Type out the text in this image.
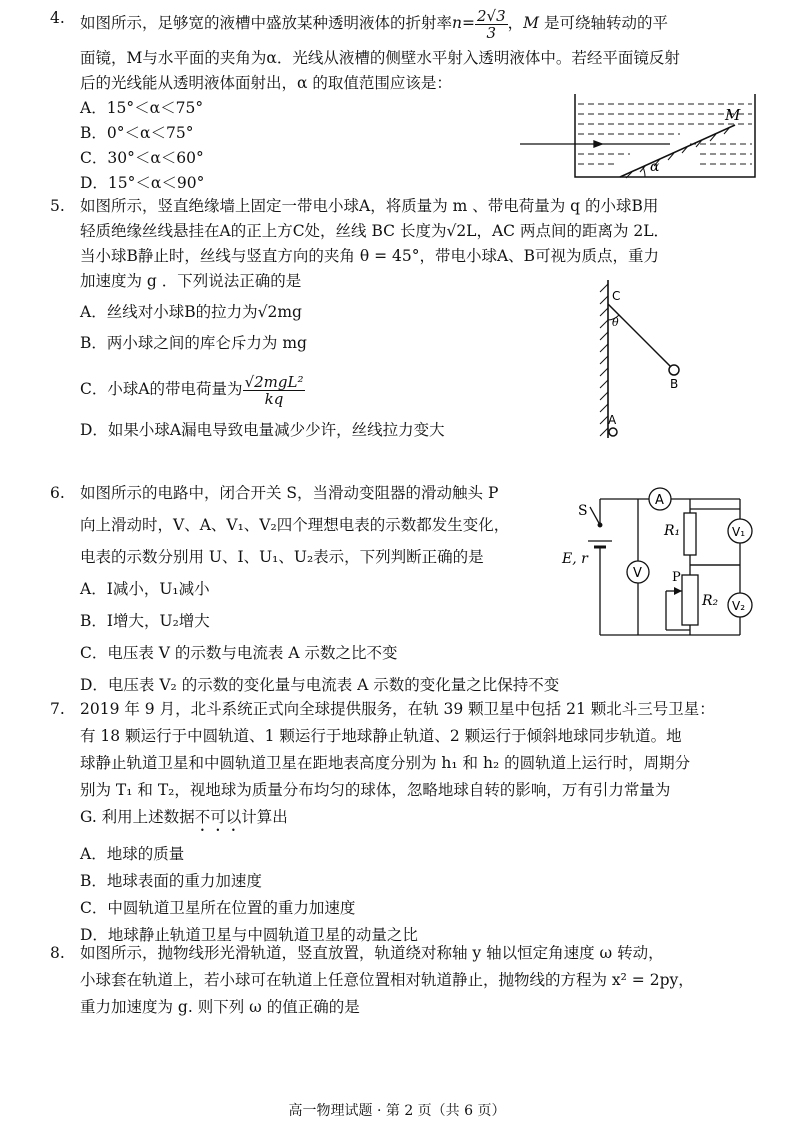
4. 如图所示，足够宽的液槽中盛放某种透明液体的折射率$n= \frac{2√3}{3}$ ，M 是可绕轴转动的平
面镜，M与水平面的夹角为α．光线从液槽的侧壁水平射入透明液体中。若经平面镜反射
后的光线能从透明液体面射出，α 的取值范围应该是：
A．15°＜α＜75°
B．0°＜α＜75°
C．30°＜α＜60°
D．15°＜α＜90°
M
α
5. 如图所示，竖直绝缘墙上固定一带电小球A，将质量为 m 、带电荷量为 q 的小球B用
轻质绝缘丝线悬挂在A的正上方C处，丝线 BC 长度为√2L，AC 两点间的距离为 2L．
当小球B静止时，丝线与竖直方向的夹角 θ = 45°，带电小球A、B可视为质点，重力
加速度为 g ．下列说法正确的是
A．丝线对小球B的拉力为√2mg
B．两小球之间的库仑斥力为 mg
C．小球A的带电荷量为 $\frac{\text{√2mgL²}}{kq}$
D．如果小球A漏电导致电量减少少许，丝线拉力变大
C
θ
B
A
6. 如图所示的电路中，闭合开关 S，当滑动变阻器的滑动触头 P
向上滑动时，V、A、V₁、V₂四个理想电表的示数都发生变化，
电表的示数分别用 U、I、U₁、U₂表示，下列判断正确的是
A．I减小，U₁减小
B．I增大，U₂增大
C．电压表 V 的示数与电流表 A 示数之比不变
D．电压表 V₂ 的示数的变化量与电流表 A 示数的变化量之比保持不变
A
V
V₁
V₂
S
R₁
E, r
P
R₂
7. 2019 年 9 月，北斗系统正式向全球提供服务，在轨 39 颗卫星中包括 21 颗北斗三号卫星：
有 18 颗运行于中圆轨道、1 颗运行于地球静止轨道、2 颗运行于倾斜地球同步轨道。地
球静止轨道卫星和中圆轨道卫星在距地表高度分别为 h₁ 和 h₂ 的圆轨道上运行时，周期分
别为 T₁ 和 T₂，视地球为质量分布均匀的球体，忽略地球自转的影响，万有引力常量为
G. 利用上述数据不可以计算出
A．地球的质量
B．地球表面的重力加速度
C．中圆轨道卫星所在位置的重力加速度
D．地球静止轨道卫星与中圆轨道卫星的动量之比
8. 如图所示，抛物线形光滑轨道，竖直放置，轨道绕对称轴 y 轴以恒定角速度 ω 转动，
小球套在轨道上，若小球可在轨道上任意位置相对轨道静止，抛物线的方程为 x² = 2py，
重力加速度为 g. 则下列 ω 的值正确的是
高一物理试题 · 第 2 页（共 6 页）
